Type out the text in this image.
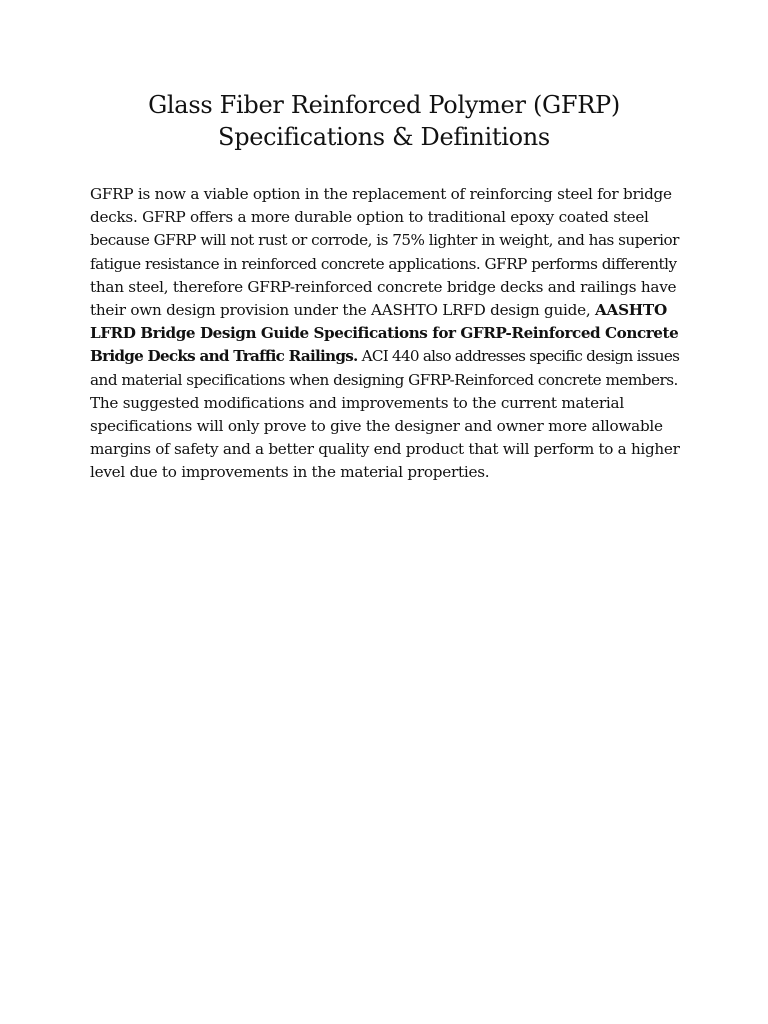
Glass Fiber Reinforced Polymer (GFRP)
Specifications & Definitions

GFRP is now a viable option in the replacement of reinforcing steel for bridge
decks. GFRP offers a more durable option to traditional epoxy coated steel
because GFRP will not rust or corrode, is 75% lighter in weight, and has superior
fatigue resistance in reinforced concrete applications. GFRP performs differently
than steel, therefore GFRP-reinforced concrete bridge decks and railings have
their own design provision under the AASHTO LRFD design guide, AASHTO
LFRD Bridge Design Guide Specifications for GFRP-Reinforced Concrete
Bridge Decks and Traffic Railings. ACI 440 also addresses specific design issues
and material specifications when designing GFRP-Reinforced concrete members.
The suggested modifications and improvements to the current material
specifications will only prove to give the designer and owner more allowable
margins of safety and a better quality end product that will perform to a higher
level due to improvements in the material properties.
